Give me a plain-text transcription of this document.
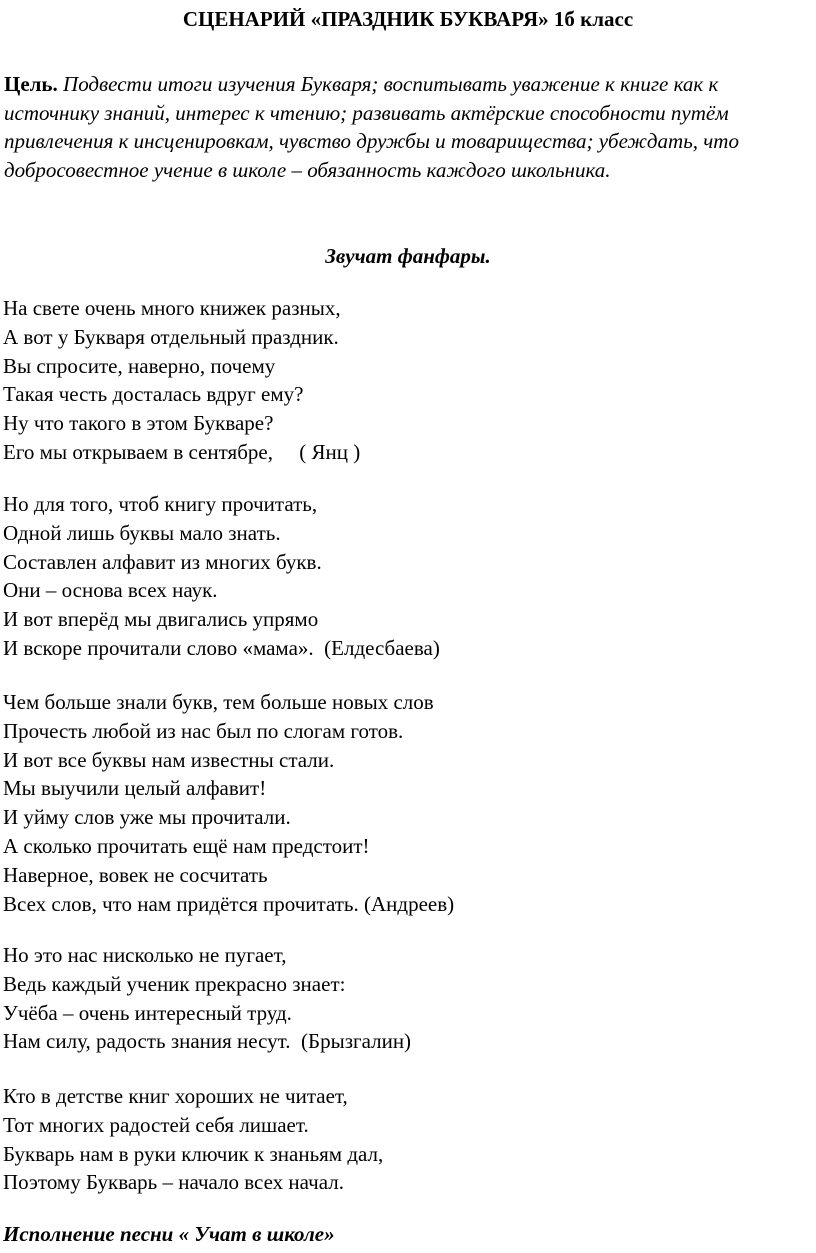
СЦЕНАРИЙ «ПРАЗДНИК БУКВАРЯ» 1б класс
Цель. Подвести итоги изучения Букваря; воспитывать уважение к книге как к источнику знаний, интерес к чтению; развивать актёрские способности путём привлечения к инсценировкам, чувство дружбы и товарищества; убеждать, что добросовестное учение в школе – обязанность каждого школьника.
Звучат фанфары.
На свете очень много книжек разных,
А вот у Букваря отдельный праздник.
Вы спросите, наверно, почему
Такая честь досталась вдруг ему?
Ну что такого в этом Букваре?
Его мы открываем в сентябре,     ( Янц )
Но для того, чтоб книгу прочитать,
Одной лишь буквы мало знать.
Составлен алфавит из многих букв.
Они – основа всех наук.
И вот вперёд мы двигались упрямо
И вскоре прочитали слово «мама».  (Елдесбаева)
Чем больше знали букв, тем больше новых слов
Прочесть любой из нас был по слогам готов.
И вот все буквы нам известны стали.
Мы выучили целый алфавит!
И уйму слов уже мы прочитали.
А сколько прочитать ещё нам предстоит!
Наверное, вовек не сосчитать
Всех слов, что нам придётся прочитать. (Андреев)
Но это нас нисколько не пугает,
Ведь каждый ученик прекрасно знает:
Учёба – очень интересный труд.
Нам силу, радость знания несут.  (Брызгалин)
Кто в детстве книг хороших не читает,
Тот многих радостей себя лишает.
Букварь нам в руки ключик к знаньям дал,
Поэтому Букварь – начало всех начал.
Исполнение песни « Учат в школе»
